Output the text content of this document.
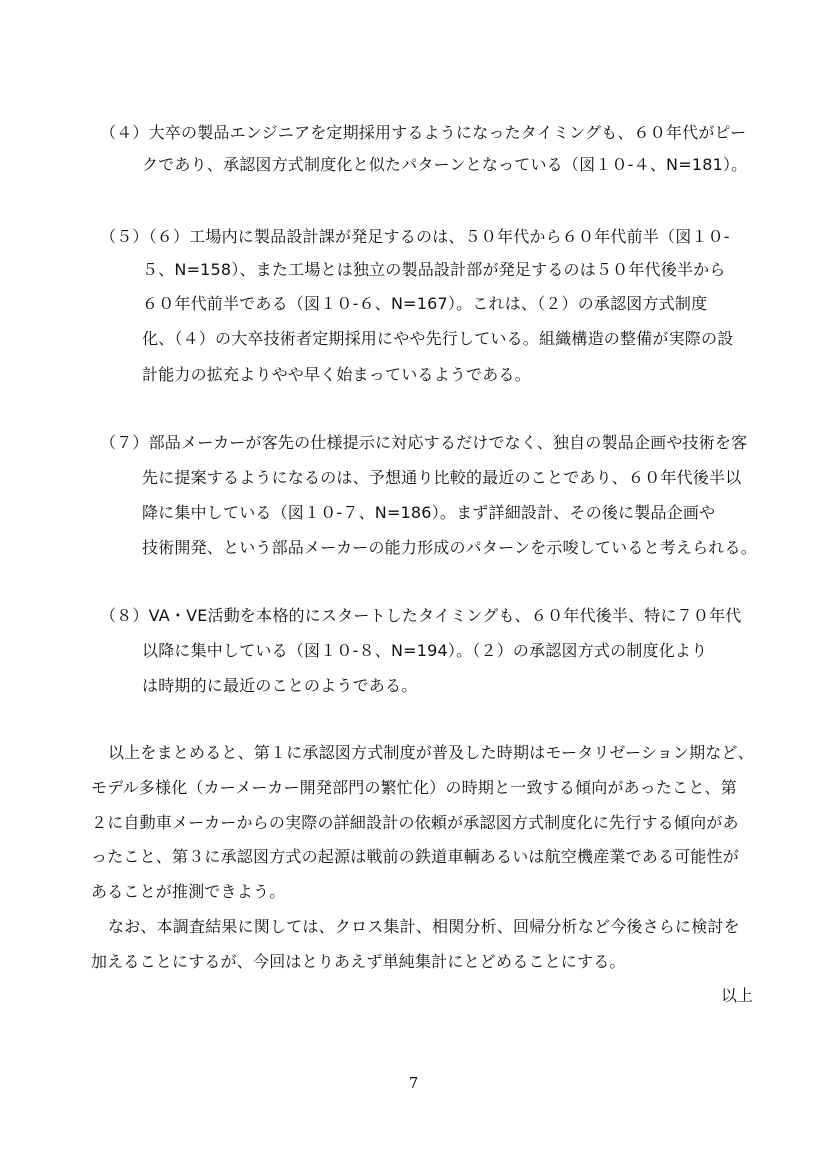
（４）大卒の製品エンジニアを定期採用するようになったタイミングも、６０年代がピー
クであり、承認図方式制度化と似たパターンとなっている（図１０‐４、N=181）。
（５）（６）工場内に製品設計課が発足するのは、５０年代から６０年代前半（図１０‐
５、N=158）、また工場とは独立の製品設計部が発足するのは５０年代後半から
６０年代前半である（図１０‐６、N=167）。これは、（２）の承認図方式制度
化、（４）の大卒技術者定期採用にやや先行している。組織構造の整備が実際の設
計能力の拡充よりやや早く始まっているようである。
（７）部品メーカーが客先の仕様提示に対応するだけでなく、独自の製品企画や技術を客
先に提案するようになるのは、予想通り比較的最近のことであり、６０年代後半以
降に集中している（図１０‐７、N=186）。まず詳細設計、その後に製品企画や
技術開発、という部品メーカーの能力形成のパターンを示唆していると考えられる。
（８）VA・VE活動を本格的にスタートしたタイミングも、６０年代後半、特に７０年代
以降に集中している（図１０‐８、N=194）。（２）の承認図方式の制度化より
は時期的に最近のことのようである。
以上をまとめると、第１に承認図方式制度が普及した時期はモータリゼーション期など、
モデル多様化（カーメーカー開発部門の繁忙化）の時期と一致する傾向があったこと、第
２に自動車メーカーからの実際の詳細設計の依頼が承認図方式制度化に先行する傾向があ
ったこと、第３に承認図方式の起源は戦前の鉄道車輌あるいは航空機産業である可能性が
あることが推測できよう。
なお、本調査結果に関しては、クロス集計、相関分析、回帰分析など今後さらに検討を
加えることにするが、今回はとりあえず単純集計にとどめることにする。
以上
7
